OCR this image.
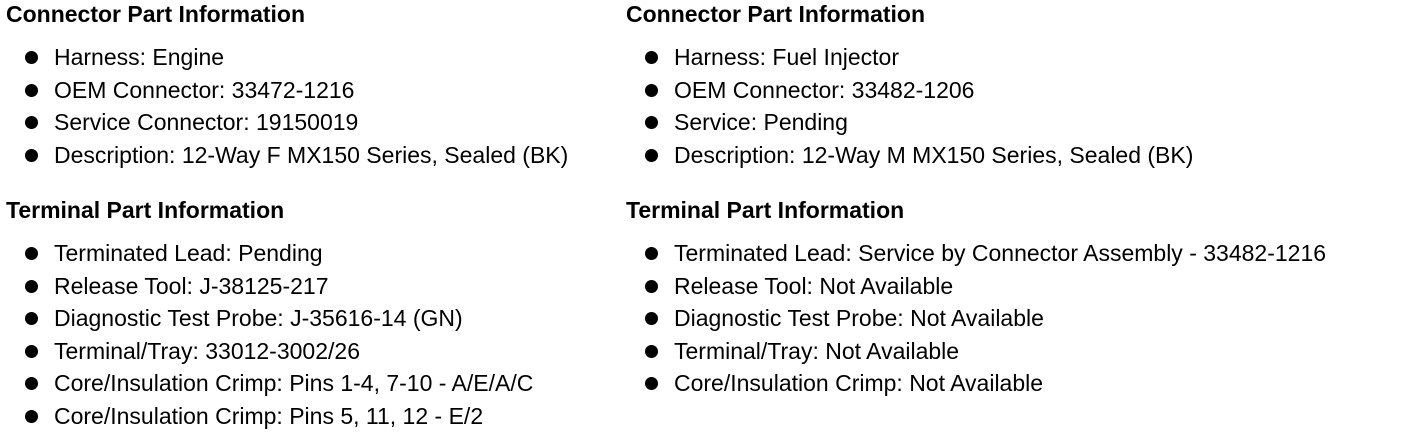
Connector Part Information
Harness: Engine
OEM Connector: 33472-1216
Service Connector: 19150019
Description: 12-Way F MX150 Series, Sealed (BK)
Terminal Part Information
Terminated Lead: Pending
Release Tool: J-38125-217
Diagnostic Test Probe: J-35616-14 (GN)
Terminal/Tray: 33012-3002/26
Core/Insulation Crimp: Pins 1-4, 7-10 - A/E/A/C
Core/Insulation Crimp: Pins 5, 11, 12 - E/2
Connector Part Information
Harness: Fuel Injector
OEM Connector: 33482-1206
Service: Pending
Description: 12-Way M MX150 Series, Sealed (BK)
Terminal Part Information
Terminated Lead: Service by Connector Assembly - 33482-1216
Release Tool: Not Available
Diagnostic Test Probe: Not Available
Terminal/Tray: Not Available
Core/Insulation Crimp: Not Available
